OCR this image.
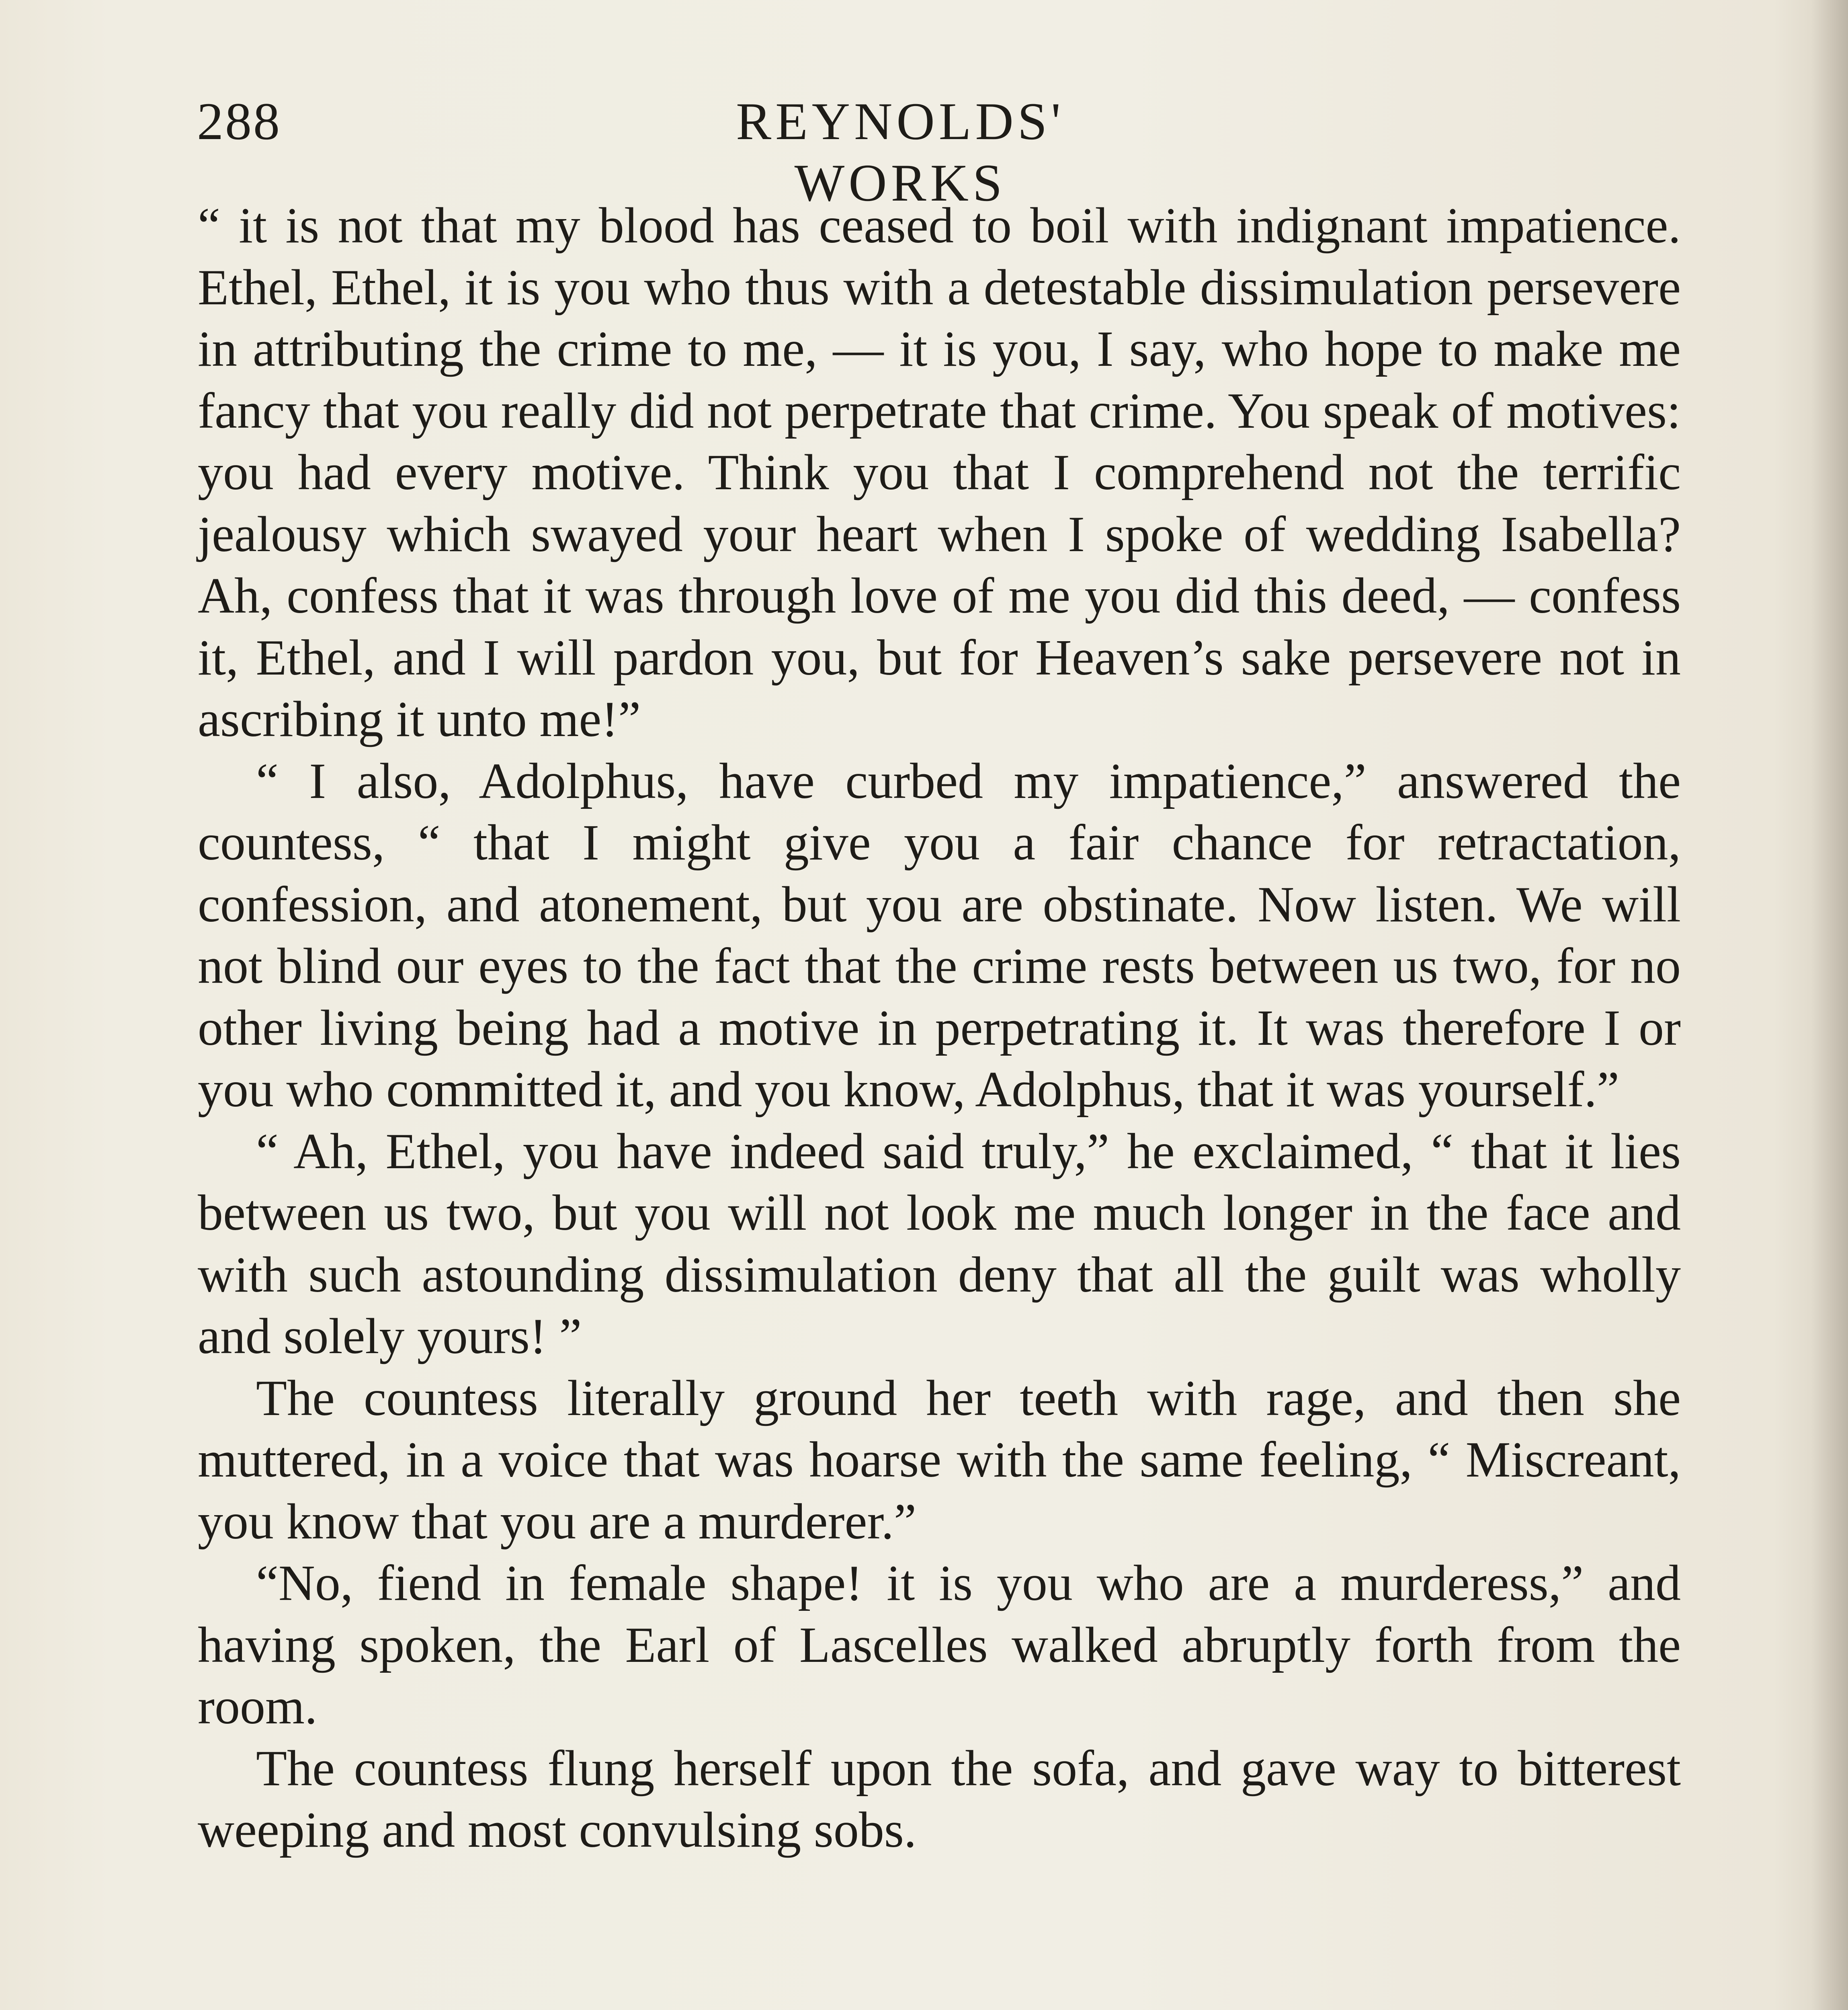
288	REYNOLDS' WORKS

“ it is not that my blood has ceased to boil with indignant impatience. Ethel, Ethel, it is you who thus with a detestable dissimulation persevere in attributing the crime to me, — it is you, I say, who hope to make me fancy that you really did not perpetrate that crime. You speak of motives: you had every motive. Think you that I comprehend not the terrific jealousy which swayed your heart when I spoke of wedding Isabella? Ah, confess that it was through love of me you did this deed, — confess it, Ethel, and I will pardon you, but for Heaven’s sake persevere not in ascribing it unto me!”

“ I also, Adolphus, have curbed my impatience,” answered the countess, “ that I might give you a fair chance for retractation, confession, and atonement, but you are obstinate. Now listen. We will not blind our eyes to the fact that the crime rests between us two, for no other living being had a motive in perpetrating it. It was therefore I or you who committed it, and you know, Adolphus, that it was yourself.”

“ Ah, Ethel, you have indeed said truly,” he exclaimed, “ that it lies between us two, but you will not look me much longer in the face and with such astounding dissimulation deny that all the guilt was wholly and solely yours! ”

The countess literally ground her teeth with rage, and then she muttered, in a voice that was hoarse with the same feeling, “ Miscreant, you know that you are a murderer.”

“No, fiend in female shape! it is you who are a murderess,” and having spoken, the Earl of Lascelles walked abruptly forth from the room.

The countess flung herself upon the sofa, and gave way to bitterest weeping and most convulsing sobs.
